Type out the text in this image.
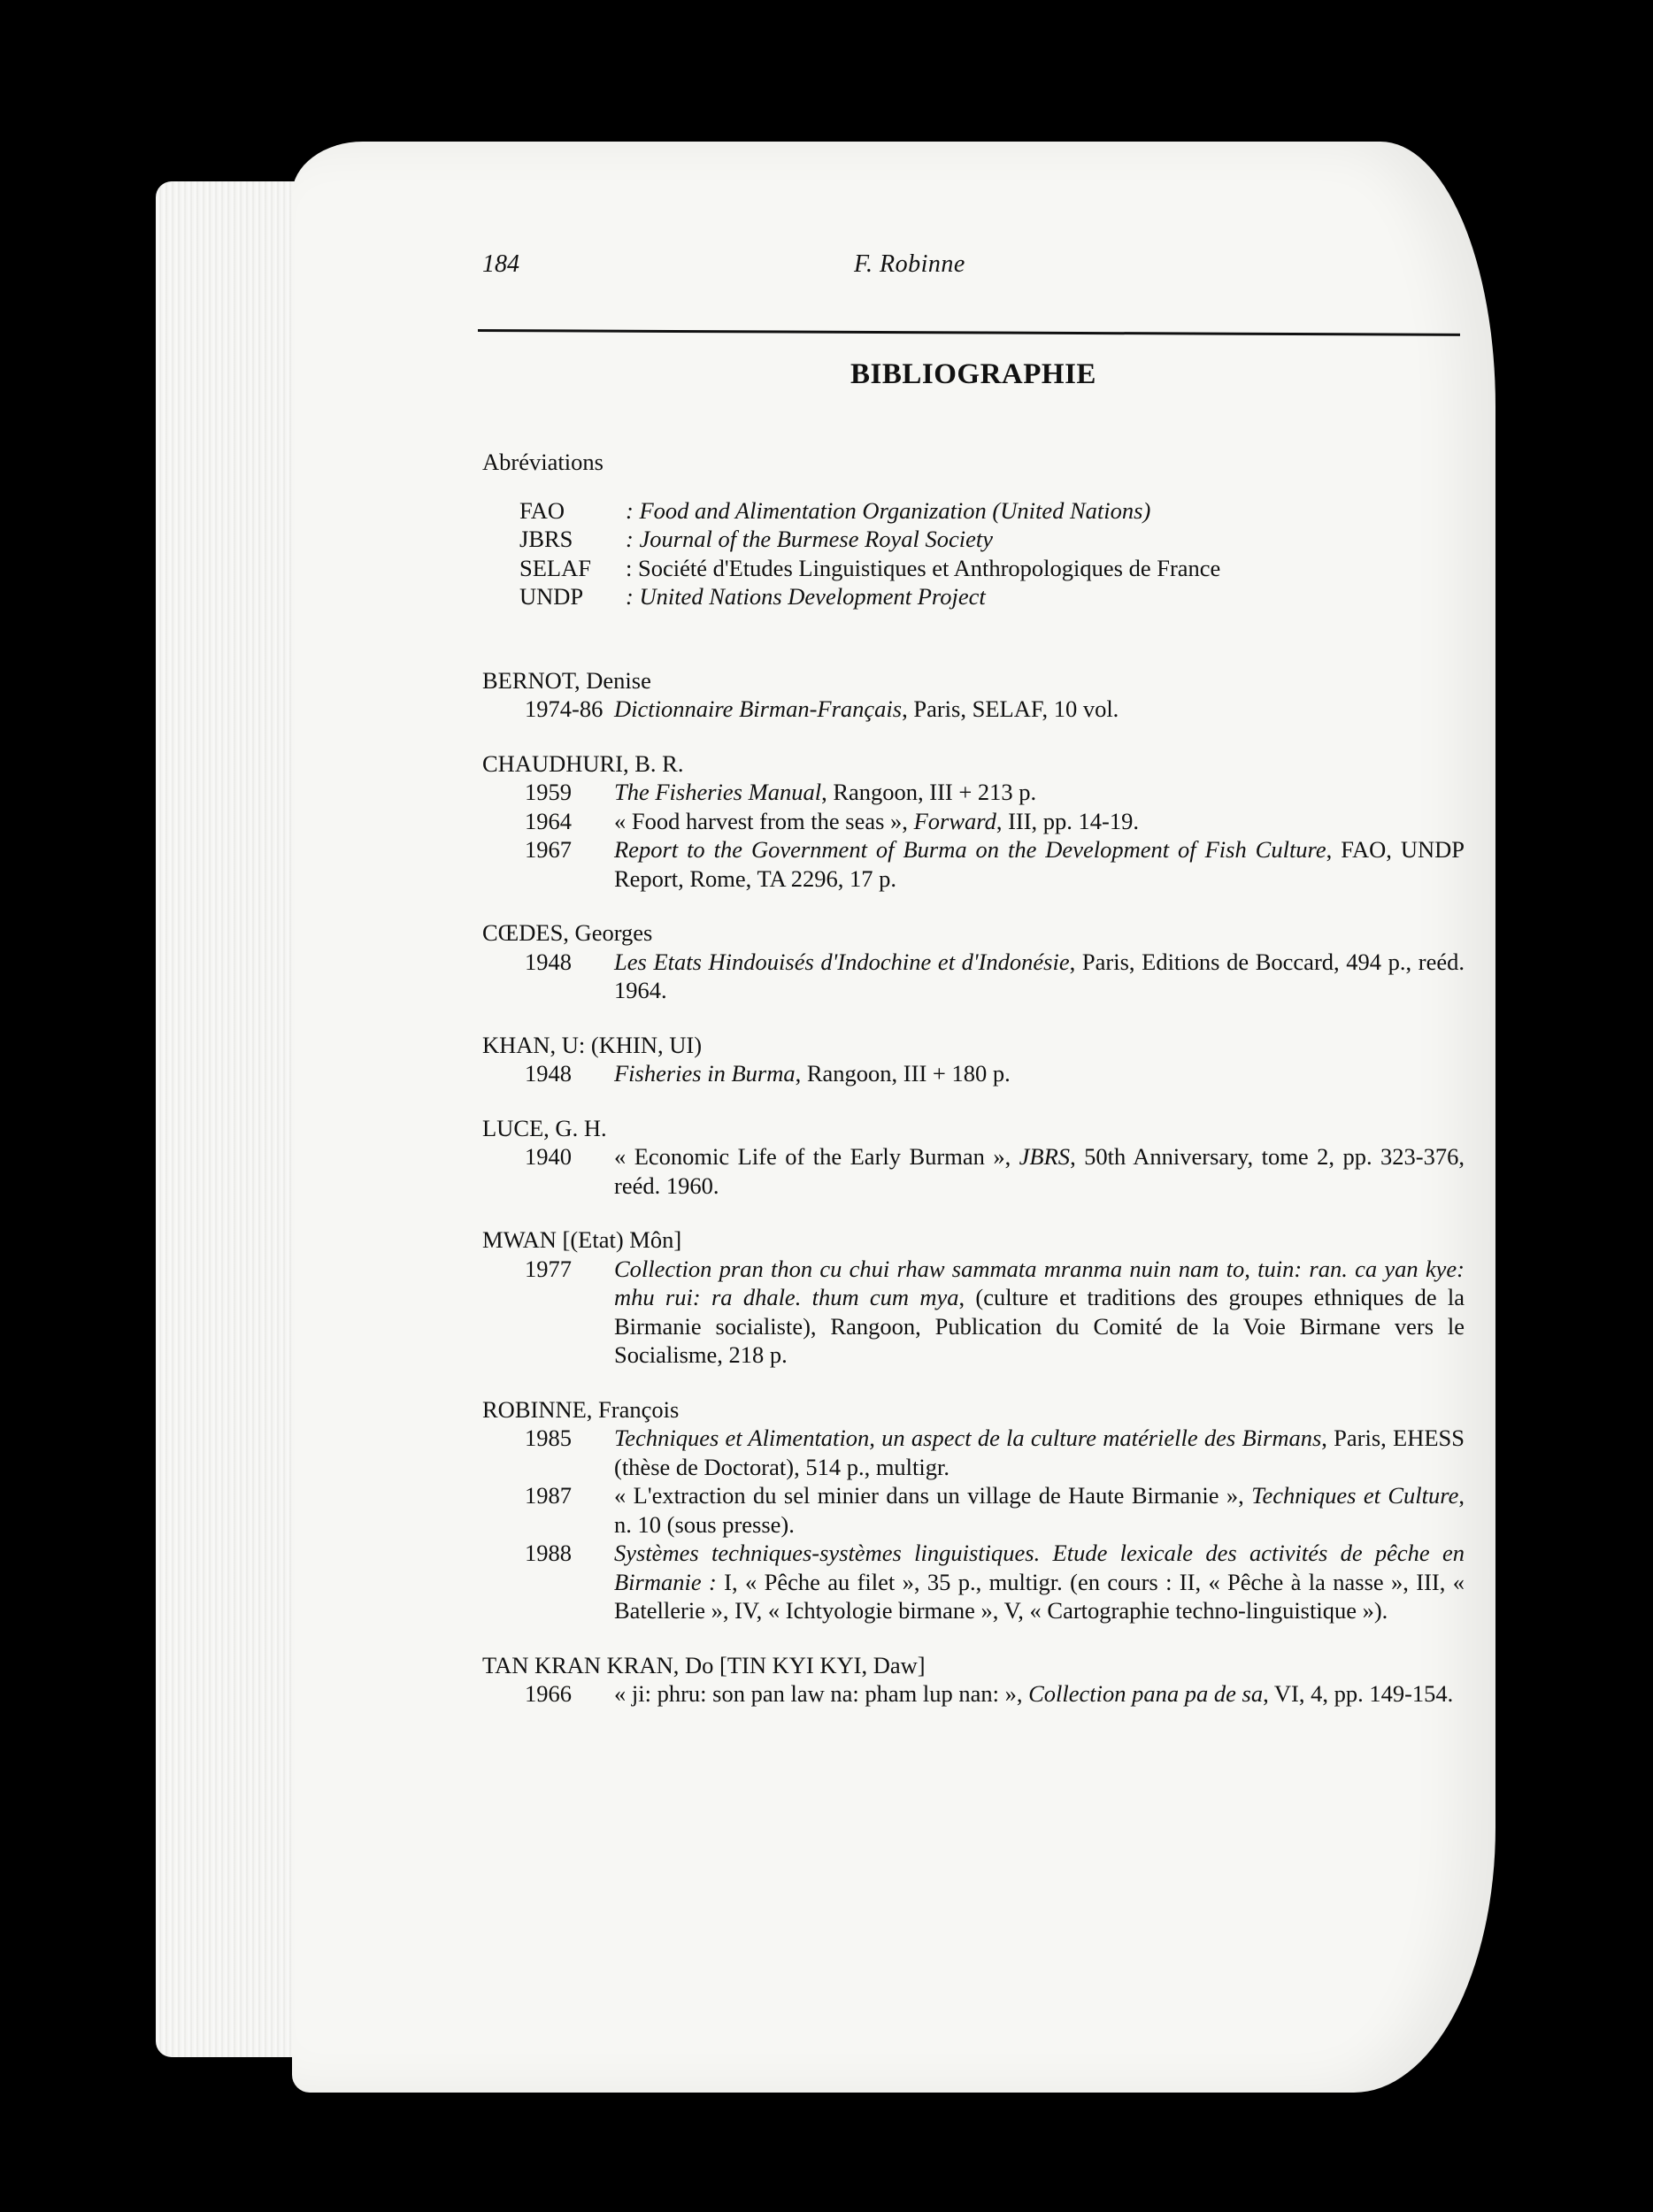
184	F. Robinne
BIBLIOGRAPHIE
Abréviations
FAO	: Food and Alimentation Organization (United Nations)
JBRS	: Journal of the Burmese Royal Society
SELAF	: Société d'Etudes Linguistiques et Anthropologiques de France
UNDP	: United Nations Development Project
BERNOT, Denise
1974-86 Dictionnaire Birman-Français, Paris, SELAF, 10 vol.
CHAUDHURI, B. R.
1959	The Fisheries Manual, Rangoon, III + 213 p.
1964	« Food harvest from the seas », Forward, III, pp. 14-19.
1967	Report to the Government of Burma on the Development of Fish Culture, FAO, UNDP Report, Rome, TA 2296, 17 p.
CŒDES, Georges
1948	Les Etats Hindouisés d'Indochine et d'Indonésie, Paris, Editions de Boccard, 494 p., reéd. 1964.
KHAN, U: (KHIN, UI)
1948	Fisheries in Burma, Rangoon, III + 180 p.
LUCE, G. H.
1940	« Economic Life of the Early Burman », JBRS, 50th Anniversary, tome 2, pp. 323-376, reéd. 1960.
MWAN [(Etat) Môn]
1977	Collection pran thon cu chui rhaw sammata mranma nuin nam to, tuin: ran. ca yan kye: mhu rui: ra dhale. thum cum mya, (culture et traditions des groupes ethniques de la Birmanie socialiste), Rangoon, Publication du Comité de la Voie Birmane vers le Socialisme, 218 p.
ROBINNE, François
1985	Techniques et Alimentation, un aspect de la culture matérielle des Birmans, Paris, EHESS (thèse de Doctorat), 514 p., multigr.
1987	« L'extraction du sel minier dans un village de Haute Birmanie », Techniques et Culture, n. 10 (sous presse).
1988	Systèmes techniques-systèmes linguistiques. Etude lexicale des activités de pêche en Birmanie : I, « Pêche au filet », 35 p., multigr. (en cours : II, « Pêche à la nasse », III, « Batellerie », IV, « Ichtyologie birmane », V, « Cartographie techno-linguistique »).
TAN KRAN KRAN, Do [TIN KYI KYI, Daw]
1966	« ji: phru: son pan law na: pham lup nan: », Collection pana pa de sa, VI, 4, pp. 149-154.
